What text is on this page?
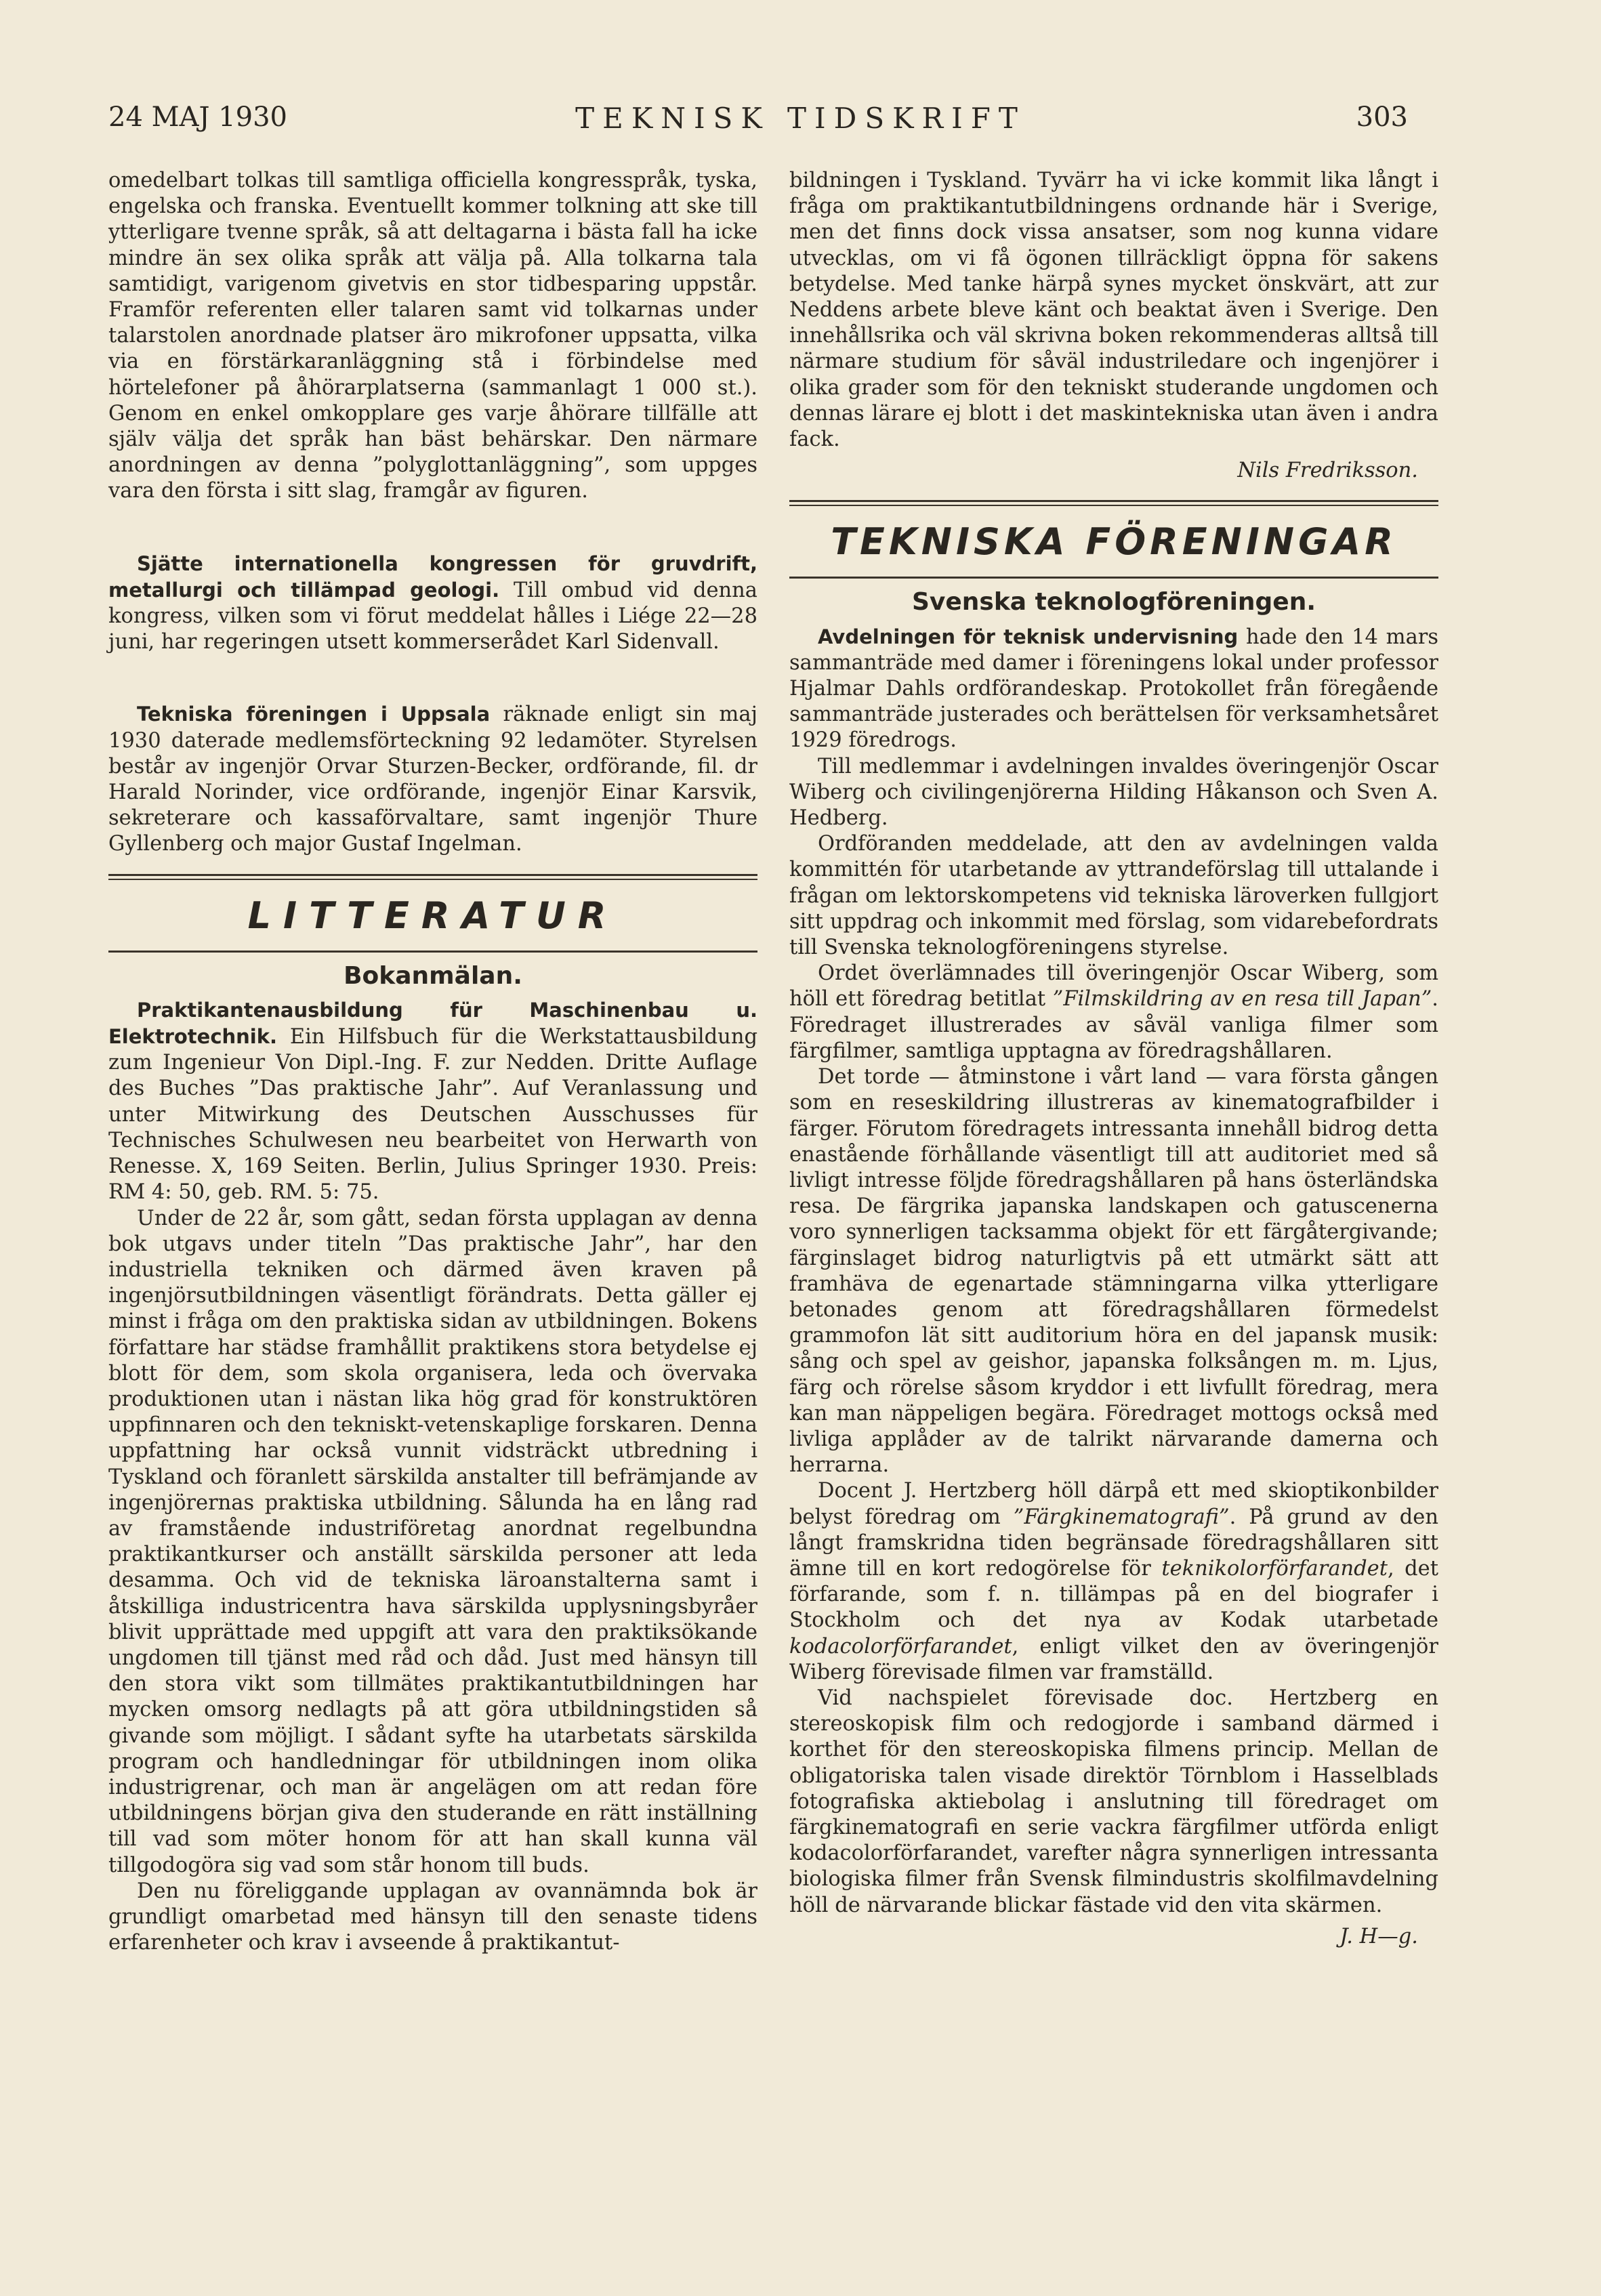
24 MAJ 1930	TEKNISK TIDSKRIFT	303

omedelbart tolkas till samtliga officiella kongresspråk, tyska, engelska och franska. Eventuellt kommer tolkning att ske till ytterligare tvenne språk, så att deltagarna i bästa fall ha icke mindre än sex olika språk att välja på. Alla tolkarna tala samtidigt, varigenom givetvis en stor tidbesparing uppstår. Framför referenten eller talaren samt vid tolkarnas under talarstolen anordnade platser äro mikrofoner uppsatta, vilka via en förstärkaranläggning stå i förbindelse med hörtelefoner på åhörarplatserna (sammanlagt 1 000 st.). Genom en enkel omkopplare ges varje åhörare tillfälle att själv välja det språk han bäst behärskar. Den närmare anordningen av denna ”polyglottanläggning”, som uppges vara den första i sitt slag, framgår av figuren.

Sjätte internationella kongressen för gruvdrift, metallurgi och tillämpad geologi. Till ombud vid denna kongress, vilken som vi förut meddelat hålles i Liége 22—28 juni, har regeringen utsett kommerserådet Karl Sidenvall.

Tekniska föreningen i Uppsala räknade enligt sin maj 1930 daterade medlemsförteckning 92 ledamöter. Styrelsen består av ingenjör Orvar Sturzen-Becker, ordförande, fil. dr Harald Norinder, vice ordförande, ingenjör Einar Karsvik, sekreterare och kassaförvaltare, samt ingenjör Thure Gyllenberg och major Gustaf Ingelman.

LITTERATUR
Bokanmälan.

Praktikantenausbildung für Maschinenbau u. Elektrotechnik. Ein Hilfsbuch für die Werkstattausbildung zum Ingenieur Von Dipl.-Ing. F. zur Nedden. Dritte Auflage des Buches ”Das praktische Jahr”. Auf Veranlassung und unter Mitwirkung des Deutschen Ausschusses für Technisches Schulwesen neu bearbeitet von Herwarth von Renesse. X, 169 Seiten. Berlin, Julius Springer 1930. Preis: RM 4: 50, geb. RM. 5: 75.

Under de 22 år, som gått, sedan första upplagan av denna bok utgavs under titeln ”Das praktische Jahr”, har den industriella tekniken och därmed även kraven på ingenjörsutbildningen väsentligt förändrats. Detta gäller ej minst i fråga om den praktiska sidan av utbildningen. Bokens författare har städse framhållit praktikens stora betydelse ej blott för dem, som skola organisera, leda och övervaka produktionen utan i nästan lika hög grad för konstruktören uppfinnaren och den tekniskt-vetenskaplige forskaren. Denna uppfattning har också vunnit vidsträckt utbredning i Tyskland och föranlett särskilda anstalter till befrämjande av ingenjörernas praktiska utbildning. Sålunda ha en lång rad av framstående industriföretag anordnat regelbundna praktikantkurser och anställt särskilda personer att leda desamma. Och vid de tekniska läroanstalterna samt i åtskilliga industricentra hava särskilda upplysningsbyråer blivit upprättade med uppgift att vara den praktiksökande ungdomen till tjänst med råd och dåd. Just med hänsyn till den stora vikt som tillmätes praktikantutbildningen har mycken omsorg nedlagts på att göra utbildningstiden så givande som möjligt. I sådant syfte ha utarbetats särskilda program och handledningar för utbildningen inom olika industrigrenar, och man är angelägen om att redan före utbildningens början giva den studerande en rätt inställning till vad som möter honom för att han skall kunna väl tillgodogöra sig vad som står honom till buds.

Den nu föreliggande upplagan av ovannämnda bok är grundligt omarbetad med hänsyn till den senaste tidens erfarenheter och krav i avseende å praktikantut-

bildningen i Tyskland. Tyvärr ha vi icke kommit lika långt i fråga om praktikantutbildningens ordnande här i Sverige, men det finns dock vissa ansatser, som nog kunna vidare utvecklas, om vi få ögonen tillräckligt öppna för sakens betydelse. Med tanke härpå synes mycket önskvärt, att zur Neddens arbete bleve känt och beaktat även i Sverige. Den innehållsrika och väl skrivna boken rekommenderas alltså till närmare studium för såväl industriledare och ingenjörer i olika grader som för den tekniskt studerande ungdomen och dennas lärare ej blott i det maskintekniska utan även i andra fack.

Nils Fredriksson.
TEKNISKA FÖRENINGAR
Svenska teknologföreningen.

Avdelningen för teknisk undervisning hade den 14 mars sammanträde med damer i föreningens lokal under professor Hjalmar Dahls ordförandeskap. Protokollet från föregående sammanträde justerades och berättelsen för verksamhetsåret 1929 föredrogs.

Till medlemmar i avdelningen invaldes överingenjör Oscar Wiberg och civilingenjörerna Hilding Håkanson och Sven A. Hedberg.

Ordföranden meddelade, att den av avdelningen valda kommittén för utarbetande av yttrandeförslag till uttalande i frågan om lektorskompetens vid tekniska läroverken fullgjort sitt uppdrag och inkommit med förslag, som vidarebefordrats till Svenska teknologföreningens styrelse.

Ordet överlämnades till överingenjör Oscar Wiberg, som höll ett föredrag betitlat ”Filmskildring av en resa till Japan”. Föredraget illustrerades av såväl vanliga filmer som färgfilmer, samtliga upptagna av föredragshållaren.

Det torde — åtminstone i vårt land — vara första gången som en reseskildring illustreras av kinematografbilder i färger. Förutom föredragets intressanta innehåll bidrog detta enastående förhållande väsentligt till att auditoriet med så livligt intresse följde föredragshållaren på hans österländska resa. De färgrika japanska landskapen och gatuscenerna voro synnerligen tacksamma objekt för ett färgåtergivande; färginslaget bidrog naturligtvis på ett utmärkt sätt att framhäva de egenartade stämningarna vilka ytterligare betonades genom att föredragshållaren förmedelst grammofon lät sitt auditorium höra en del japansk musik: sång och spel av geishor, japanska folksången m. m. Ljus, färg och rörelse såsom kryddor i ett livfullt föredrag, mera kan man näppeligen begära. Föredraget mottogs också med livliga applåder av de talrikt närvarande damerna och herrarna.

Docent J. Hertzberg höll därpå ett med skioptikonbilder belyst föredrag om ”Färgkinematografi”. På grund av den långt framskridna tiden begränsade föredragshållaren sitt ämne till en kort redogörelse för teknikolorförfarandet, det förfarande, som f. n. tillämpas på en del biografer i Stockholm och det nya av Kodak utarbetade kodacolorförfarandet, enligt vilket den av överingenjör Wiberg förevisade filmen var framställd.

Vid nachspielet förevisade doc. Hertzberg en stereoskopisk film och redogjorde i samband därmed i korthet för den stereoskopiska filmens princip. Mellan de obligatoriska talen visade direktör Törnblom i Hasselblads fotografiska aktiebolag i anslutning till föredraget om färgkinematografi en serie vackra färgfilmer utförda enligt kodacolorförfarandet, varefter några synnerligen intressanta biologiska filmer från Svensk filmindustris skolfilmavdelning höll de närvarande blickar fästade vid den vita skärmen.

J. H—g.
